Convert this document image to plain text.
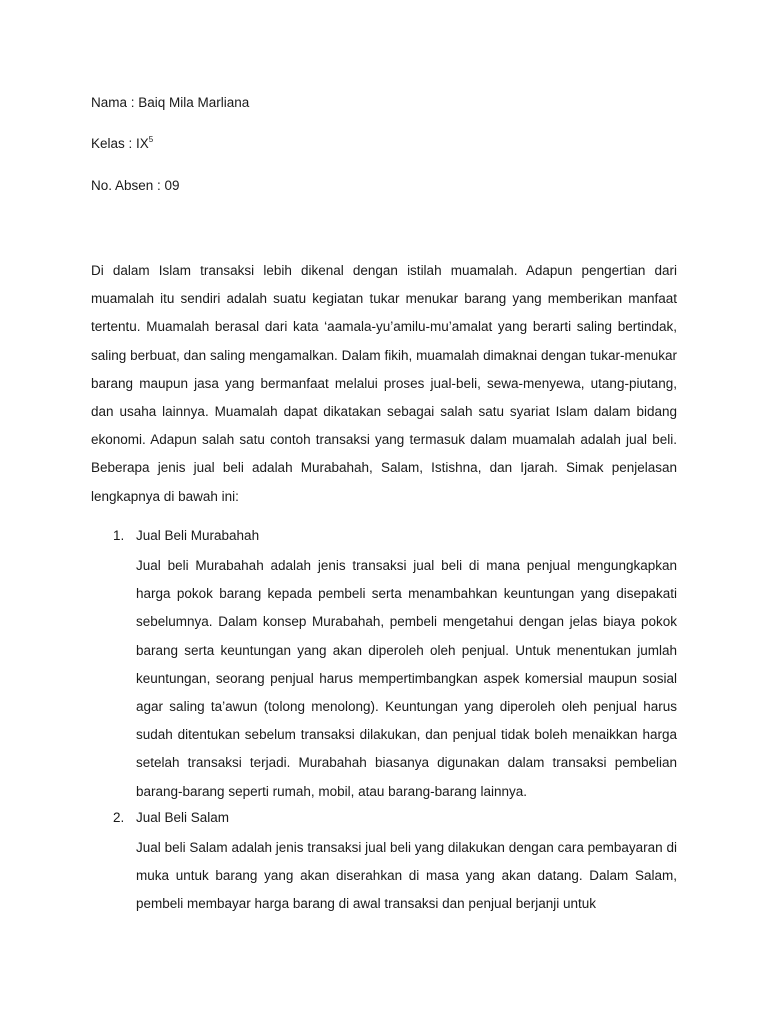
Nama : Baiq Mila Marliana
Kelas : $IX^5$
No. Absen : 09

Di dalam Islam transaksi lebih dikenal dengan istilah muamalah. Adapun pengertian dari muamalah itu sendiri adalah suatu kegiatan tukar menukar barang yang memberikan manfaat tertentu. Muamalah berasal dari kata ‘aamala-yu’amilu-mu’amalat yang berarti saling bertindak, saling berbuat, dan saling mengamalkan. Dalam fikih, muamalah dimaknai dengan tukar-menukar barang maupun jasa yang bermanfaat melalui proses jual-beli, sewa-menyewa, utang-piutang, dan usaha lainnya. Muamalah dapat dikatakan sebagai salah satu syariat Islam dalam bidang ekonomi. Adapun salah satu contoh transaksi yang termasuk dalam muamalah adalah jual beli. Beberapa jenis jual beli adalah Murabahah, Salam, Istishna, dan Ijarah. Simak penjelasan lengkapnya di bawah ini:

1. Jual Beli Murabahah

Jual beli Murabahah adalah jenis transaksi jual beli di mana penjual mengungkapkan harga pokok barang kepada pembeli serta menambahkan keuntungan yang disepakati sebelumnya. Dalam konsep Murabahah, pembeli mengetahui dengan jelas biaya pokok barang serta keuntungan yang akan diperoleh oleh penjual. Untuk menentukan jumlah keuntungan, seorang penjual harus mempertimbangkan aspek komersial maupun sosial agar saling ta’awun (tolong menolong). Keuntungan yang diperoleh oleh penjual harus sudah ditentukan sebelum transaksi dilakukan, dan penjual tidak boleh menaikkan harga setelah transaksi terjadi. Murabahah biasanya digunakan dalam transaksi pembelian barang-barang seperti rumah, mobil, atau barang-barang lainnya.

2. Jual Beli Salam

Jual beli Salam adalah jenis transaksi jual beli yang dilakukan dengan cara pembayaran di muka untuk barang yang akan diserahkan di masa yang akan datang. Dalam Salam, pembeli membayar harga barang di awal transaksi dan penjual berjanji untuk
